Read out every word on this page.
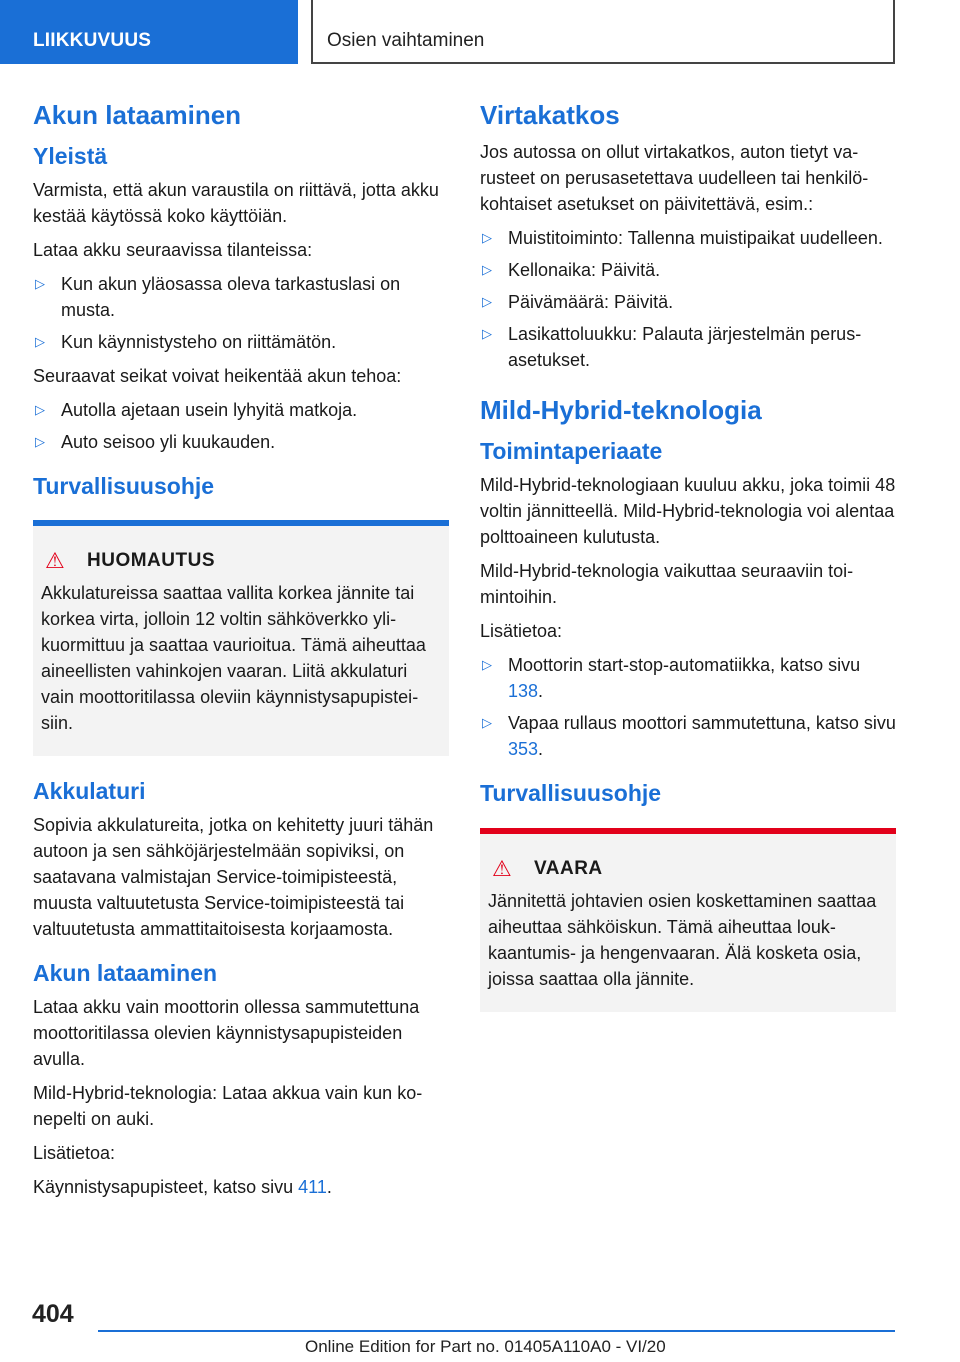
LIIKKUVUUS	Osien vaihtaminen
Akun lataaminen
Yleistä

Varmista, että akun varaustila on riittävä, jotta akku kestää käytössä koko käyttöiän.

Lataa akku seuraavissa tilanteissa:

▷ Kun akun yläosassa oleva tarkastuslasi on musta.
▷ Kun käynnistysteho on riittämätön.

Seuraavat seikat voivat heikentää akun tehoa:

▷ Autolla ajetaan usein lyhyitä matkoja.
▷ Auto seisoo yli kuukauden.
Turvallisuusohje
⚠	HUOMAUTUS

Akkulatureissa saattaa vallita korkea jännite tai korkea virta, jolloin 12 voltin sähköverkko ylikuormittuu ja saattaa vaurioitua. Tämä aiheuttaa aineellisten vahinkojen vaaran. Liitä akkulaturi vain moottoritilassa oleviin käynnistysapupisteisiin.

Akkulaturi

Sopivia akkulatureita, jotka on kehitetty juuri tähän autoon ja sen sähköjärjestelmään sopiviksi, on saatavana valmistajan Service-toimipisteestä, muusta valtuutetusta Service-toimipisteestä tai valtuutetusta ammattitaitoisesta korjaamosta.

Akun lataaminen

Lataa akku vain moottorin ollessa sammutettuna moottoritilassa olevien käynnistysapupisteiden avulla.

Mild-Hybrid-teknologia: Lataa akkua vain kun konepelti on auki.

Lisätietoa:

Käynnistysapupisteet, katso sivu 411.

Virtakatkos

Jos autossa on ollut virtakatkos, auton tietyt varusteet on perusasetettava uudelleen tai henkilökohtaiset asetukset on päivitettävä, esim.:

▷ Muistitoiminto: Tallenna muistipaikat uudelleen.
▷ Kellonaika: Päivitä.
▷ Päivämäärä: Päivitä.
▷ Lasikattoluukku: Palauta järjestelmän perusasetukset.
Mild-Hybrid-teknologia
Toimintaperiaate

Mild-Hybrid-teknologiaan kuuluu akku, joka toimii 48 voltin jännitteellä. Mild-Hybrid-teknologia voi alentaa polttoaineen kulutusta.

Mild-Hybrid-teknologia vaikuttaa seuraaviin toimintoihin.

Lisätietoa:

▷ Moottorin start-stop-automatiikka, katso sivu 138.
▷ Vapaa rullaus moottori sammutettuna, katso sivu 353.
Turvallisuusohje
⚠	VAARA

Jännitettä johtavien osien koskettaminen saattaa aiheuttaa sähköiskun. Tämä aiheuttaa loukkaantumis- ja hengenvaaran. Älä kosketa osia, joissa saattaa olla jännite.

404
Online Edition for Part no. 01405A110A0 - VI/20
